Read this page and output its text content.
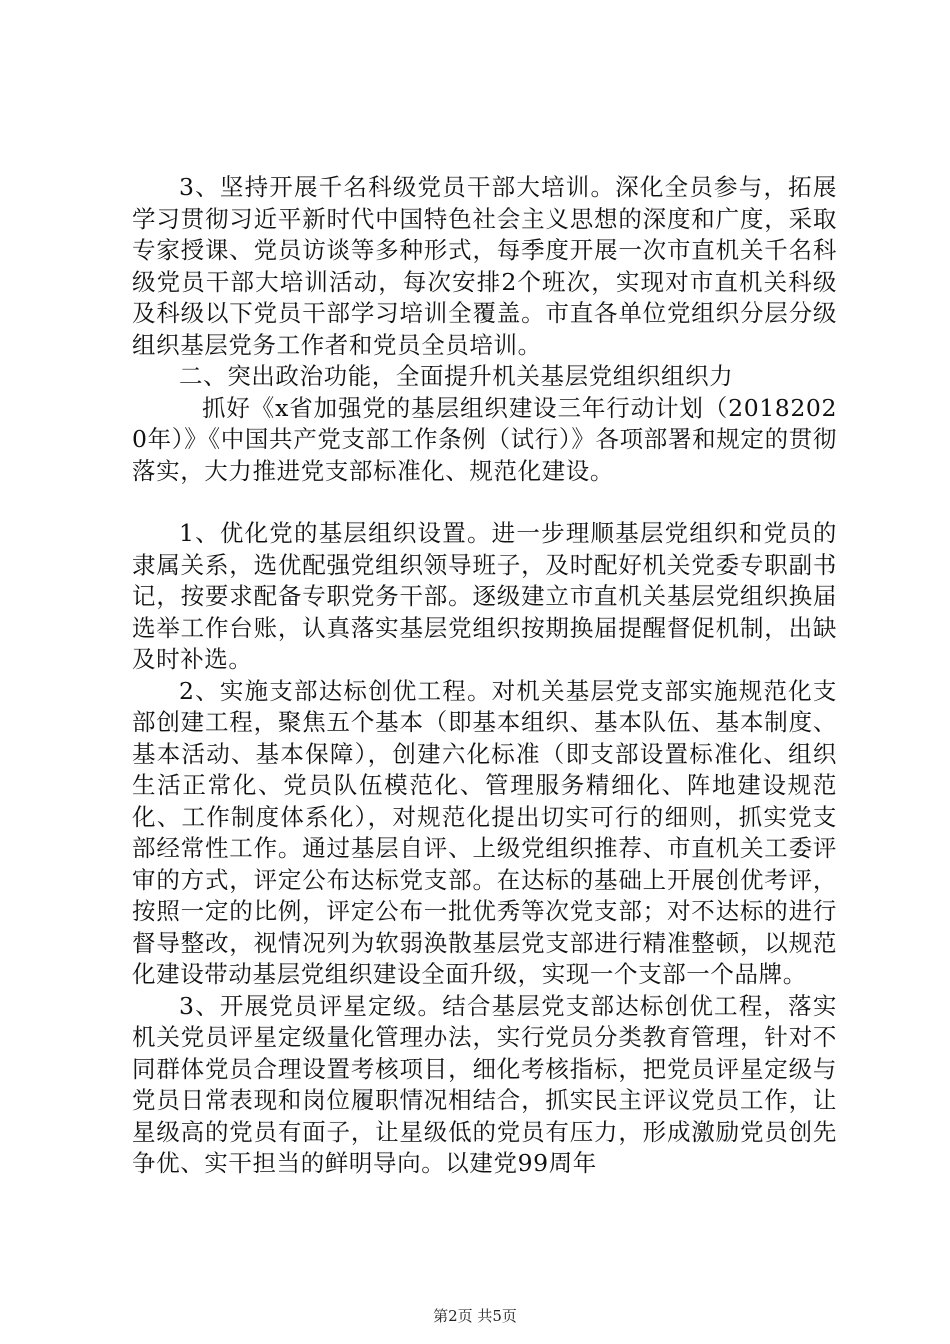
3、坚持开展千名科级党员干部大培训。深化全员参与，拓展学习贯彻习近平新时代中国特色社会主义思想的深度和广度，采取专家授课、党员访谈等多种形式，每季度开展一次市直机关千名科级党员干部大培训活动，每次安排2个班次，实现对市直机关科级及科级以下党员干部学习培训全覆盖。市直各单位党组织分层分级组织基层党务工作者和党员全员培训。

二、突出政治功能，全面提升机关基层党组织组织力

抓好《x省加强党的基层组织建设三年行动计划（20182020年）》《中国共产党支部工作条例（试行）》各项部署和规定的贯彻落实，大力推进党支部标准化、规范化建设。

1、优化党的基层组织设置。进一步理顺基层党组织和党员的隶属关系，选优配强党组织领导班子，及时配好机关党委专职副书记，按要求配备专职党务干部。逐级建立市直机关基层党组织换届选举工作台账，认真落实基层党组织按期换届提醒督促机制，出缺及时补选。

2、实施支部达标创优工程。对机关基层党支部实施规范化支部创建工程，聚焦五个基本（即基本组织、基本队伍、基本制度、基本活动、基本保障），创建六化标准（即支部设置标准化、组织生活正常化、党员队伍模范化、管理服务精细化、阵地建设规范化、工作制度体系化），对规范化提出切实可行的细则，抓实党支部经常性工作。通过基层自评、上级党组织推荐、市直机关工委评审的方式，评定公布达标党支部。在达标的基础上开展创优考评，按照一定的比例，评定公布一批优秀等次党支部；对不达标的进行督导整改，视情况列为软弱涣散基层党支部进行精准整顿，以规范化建设带动基层党组织建设全面升级，实现一个支部一个品牌。

3、开展党员评星定级。结合基层党支部达标创优工程，落实机关党员评星定级量化管理办法，实行党员分类教育管理，针对不同群体党员合理设置考核项目，细化考核指标，把党员评星定级与党员日常表现和岗位履职情况相结合，抓实民主评议党员工作，让星级高的党员有面子，让星级低的党员有压力，形成激励党员创先争优、实干担当的鲜明导向。以建党99周年

第2页 共5页
